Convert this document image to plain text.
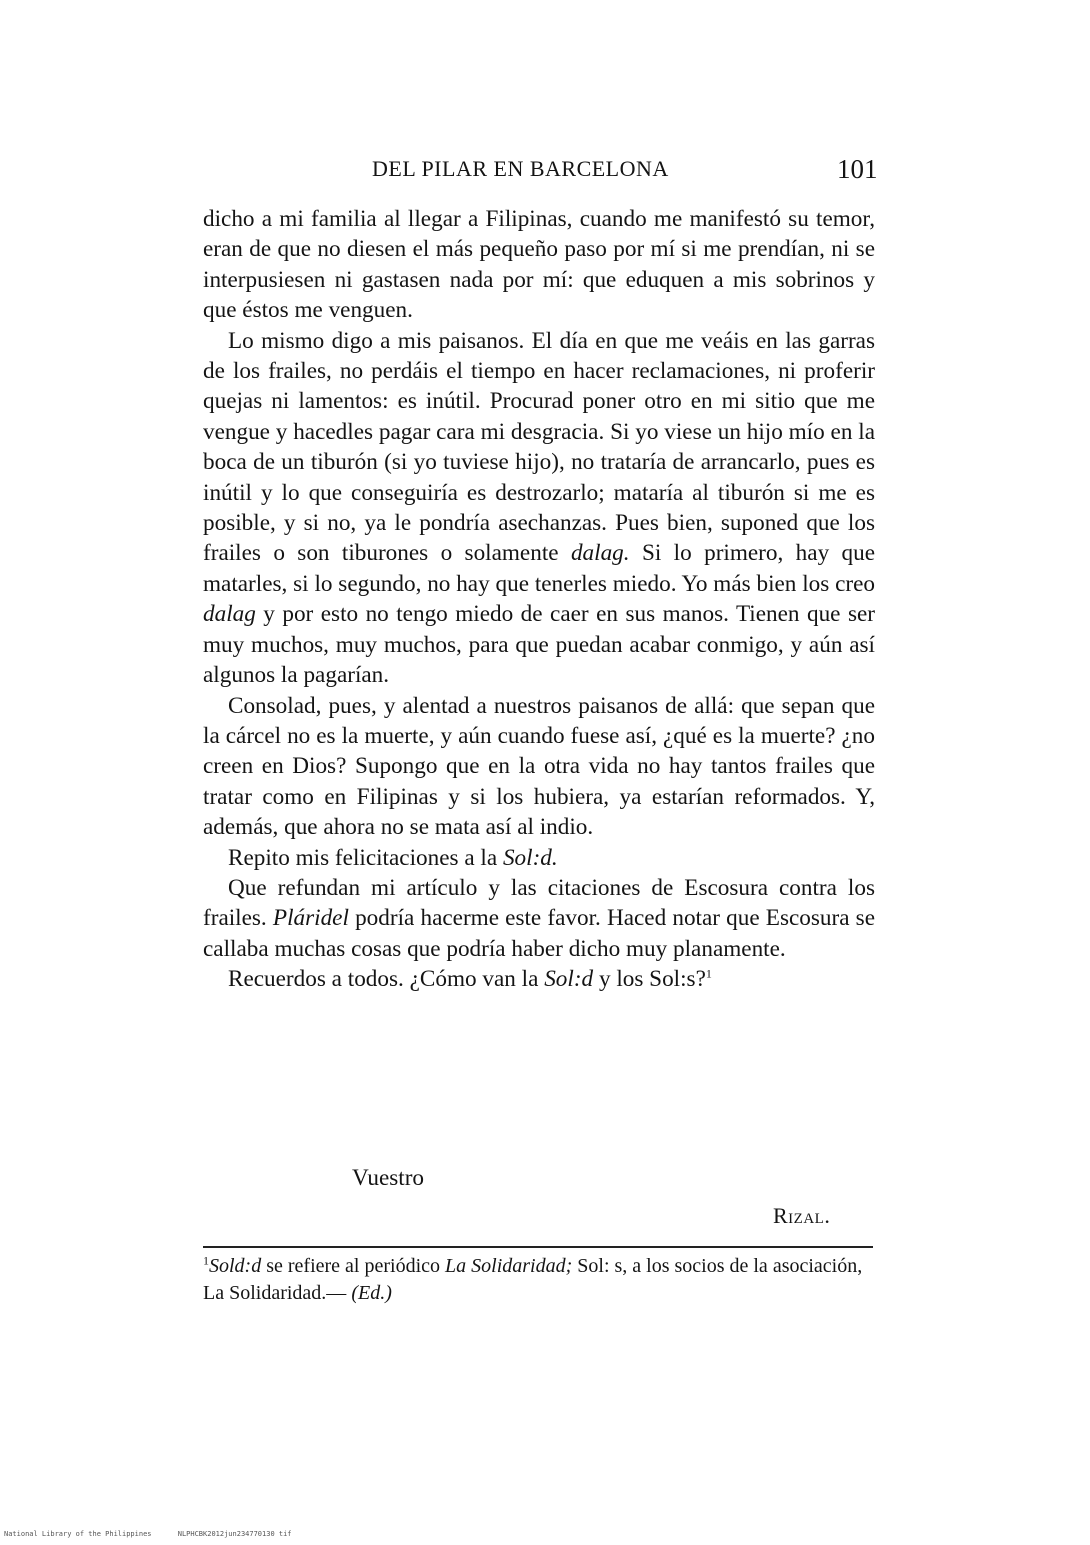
DEL PILAR EN BARCELONA	101

dicho a mi familia al llegar a Filipinas, cuando me manifestó su temor, eran de que no diesen el más pequeño paso por mí si me prendían, ni se interpusiesen ni gastasen nada por mí: que eduquen a mis sobrinos y que éstos me venguen.

Lo mismo digo a mis paisanos. El día en que me veáis en las garras de los frailes, no perdáis el tiempo en hacer reclamaciones, ni proferir quejas ni lamentos: es inútil. Procurad poner otro en mi sitio que me vengue y hacedles pagar cara mi desgracia. Si yo viese un hijo mío en la boca de un tiburón (si yo tuviese hijo), no trataría de arrancarlo, pues es inútil y lo que conseguiría es destrozarlo; mataría al tiburón si me es posible, y si no, ya le pondría asechanzas. Pues bien, suponed que los frailes o son tiburones o solamente dalag. Si lo primero, hay que matarles, si lo segundo, no hay que tenerles miedo. Yo más bien los creo dalag y por esto no tengo miedo de caer en sus manos. Tienen que ser muy muchos, muy muchos, para que puedan acabar conmigo, y aún así algunos la pagarían.

Consolad, pues, y alentad a nuestros paisanos de allá: que sepan que la cárcel no es la muerte, y aún cuando fuese así, ¿qué es la muerte? ¿no creen en Dios? Supongo que en la otra vida no hay tantos frailes que tratar como en Filipinas y si los hubiera, ya estarían reformados. Y, además, que ahora no se mata así al indio.

Repito mis felicitaciones a la Sol:d.

Que refundan mi artículo y las citaciones de Escosura contra los frailes. Pláridel podría hacerme este favor. Haced notar que Escosura se callaba muchas cosas que podría haber dicho muy planamente.

Recuerdos a todos. ¿Cómo van la Sol:d y los Sol:s?$^1$

Vuestro
Rizal.
$^1$Sold:d se refiere al periódico La Solidaridad; Sol: s, a los socios de la asociación, La Solidaridad.— (Ed.)
National Library of the Philippines	NLPHCBK2012jun234770130 tif
